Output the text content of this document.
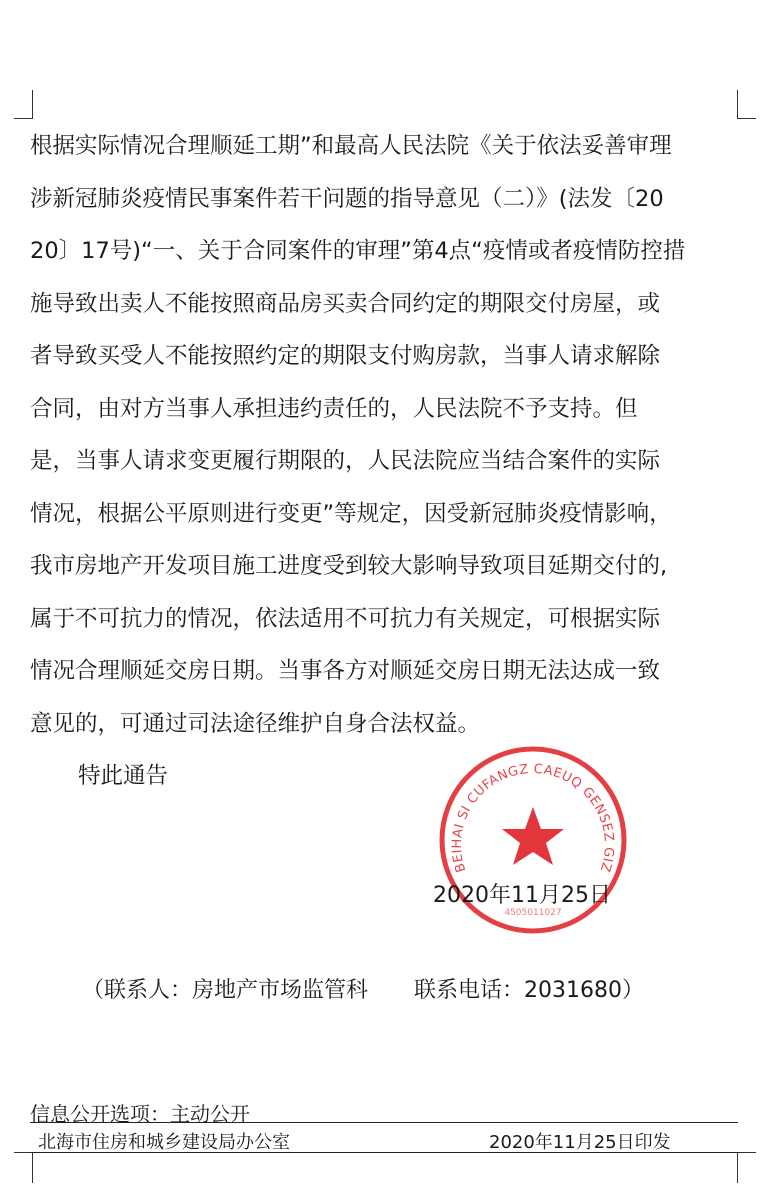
根据实际情况合理顺延工期”和最高人民法院《关于依法妥善审理
涉新冠肺炎疫情民事案件若干问题的指导意见（二）》(法发〔20
20〕17号)“一、关于合同案件的审理”第4点“疫情或者疫情防控措
施导致出卖人不能按照商品房买卖合同约定的期限交付房屋，或
者导致买受人不能按照约定的期限支付购房款，当事人请求解除
合同，由对方当事人承担违约责任的，人民法院不予支持。但
是，当事人请求变更履行期限的，人民法院应当结合案件的实际
情况，根据公平原则进行变更”等规定，因受新冠肺炎疫情影响，
我市房地产开发项目施工进度受到较大影响导致项目延期交付的,
属于不可抗力的情况，依法适用不可抗力有关规定，可根据实际
情况合理顺延交房日期。当事各方对顺延交房日期无法达成一致
意见的，可通过司法途径维护自身合法权益。
特此通告
BEIHAI SI CUFANGZ CAEUQ GENSEZ GIZ
4505011027
2020年11月25日
（联系人：房地产市场监管科 联系电话：2031680）
信息公开选项：主动公开
北海市住房和城乡建设局办公室	2020年11月25日印发
